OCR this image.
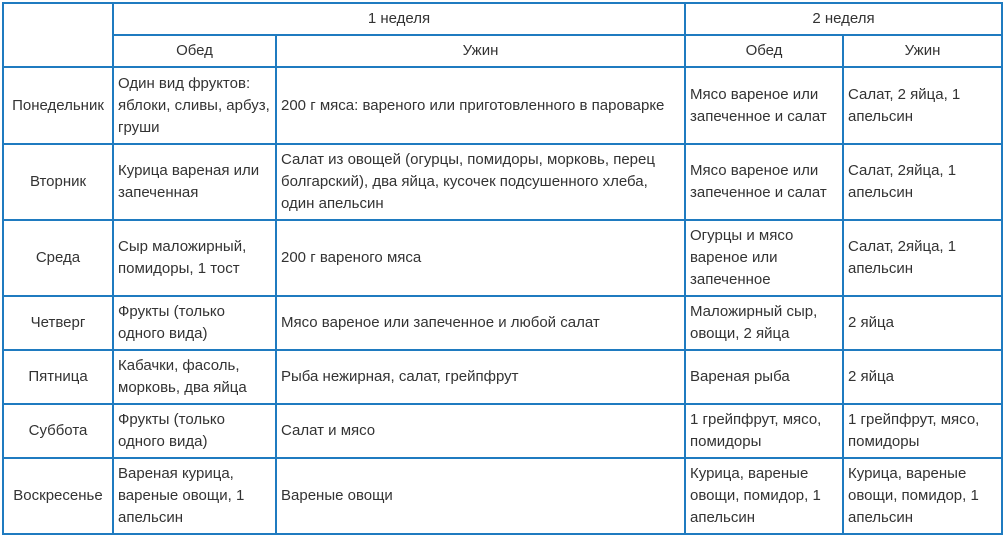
	1 неделя		2 неделя	
	Обед	Ужин	Обед	Ужин
Понедельник	Один вид фруктов: яблоки, сливы, арбуз, груши	200 г мяса: вареного или приготовленного в пароварке	Мясо вареное или запеченное и салат	Салат, 2 яйца, 1 апельсин
Вторник	Курица вареная или запеченная	Салат из овощей (огурцы, помидоры, морковь, перец болгарский), два яйца, кусочек подсушенного хлеба, один апельсин	Мясо вареное или запеченное и салат	Салат, 2яйца, 1 апельсин
Среда	Сыр маложирный, помидоры, 1 тост	200 г вареного мяса	Огурцы и мясо вареное или запеченное	Салат, 2яйца, 1 апельсин
Четверг	Фрукты (только одного вида)	Мясо вареное или запеченное и любой салат	Маложирный сыр, овощи, 2 яйца	2 яйца
Пятница	Кабачки, фасоль, морковь, два яйца	Рыба нежирная, салат, грейпфрут	Вареная рыба	2 яйца
Суббота	Фрукты (только одного вида)	Салат и мясо	1 грейпфрут, мясо, помидоры	1 грейпфрут, мясо, помидоры
Воскресенье	Вареная курица, вареные овощи, 1 апельсин	Вареные овощи	Курица, вареные овощи, помидор, 1 апельсин	Курица, вареные овощи, помидор, 1 апельсин
